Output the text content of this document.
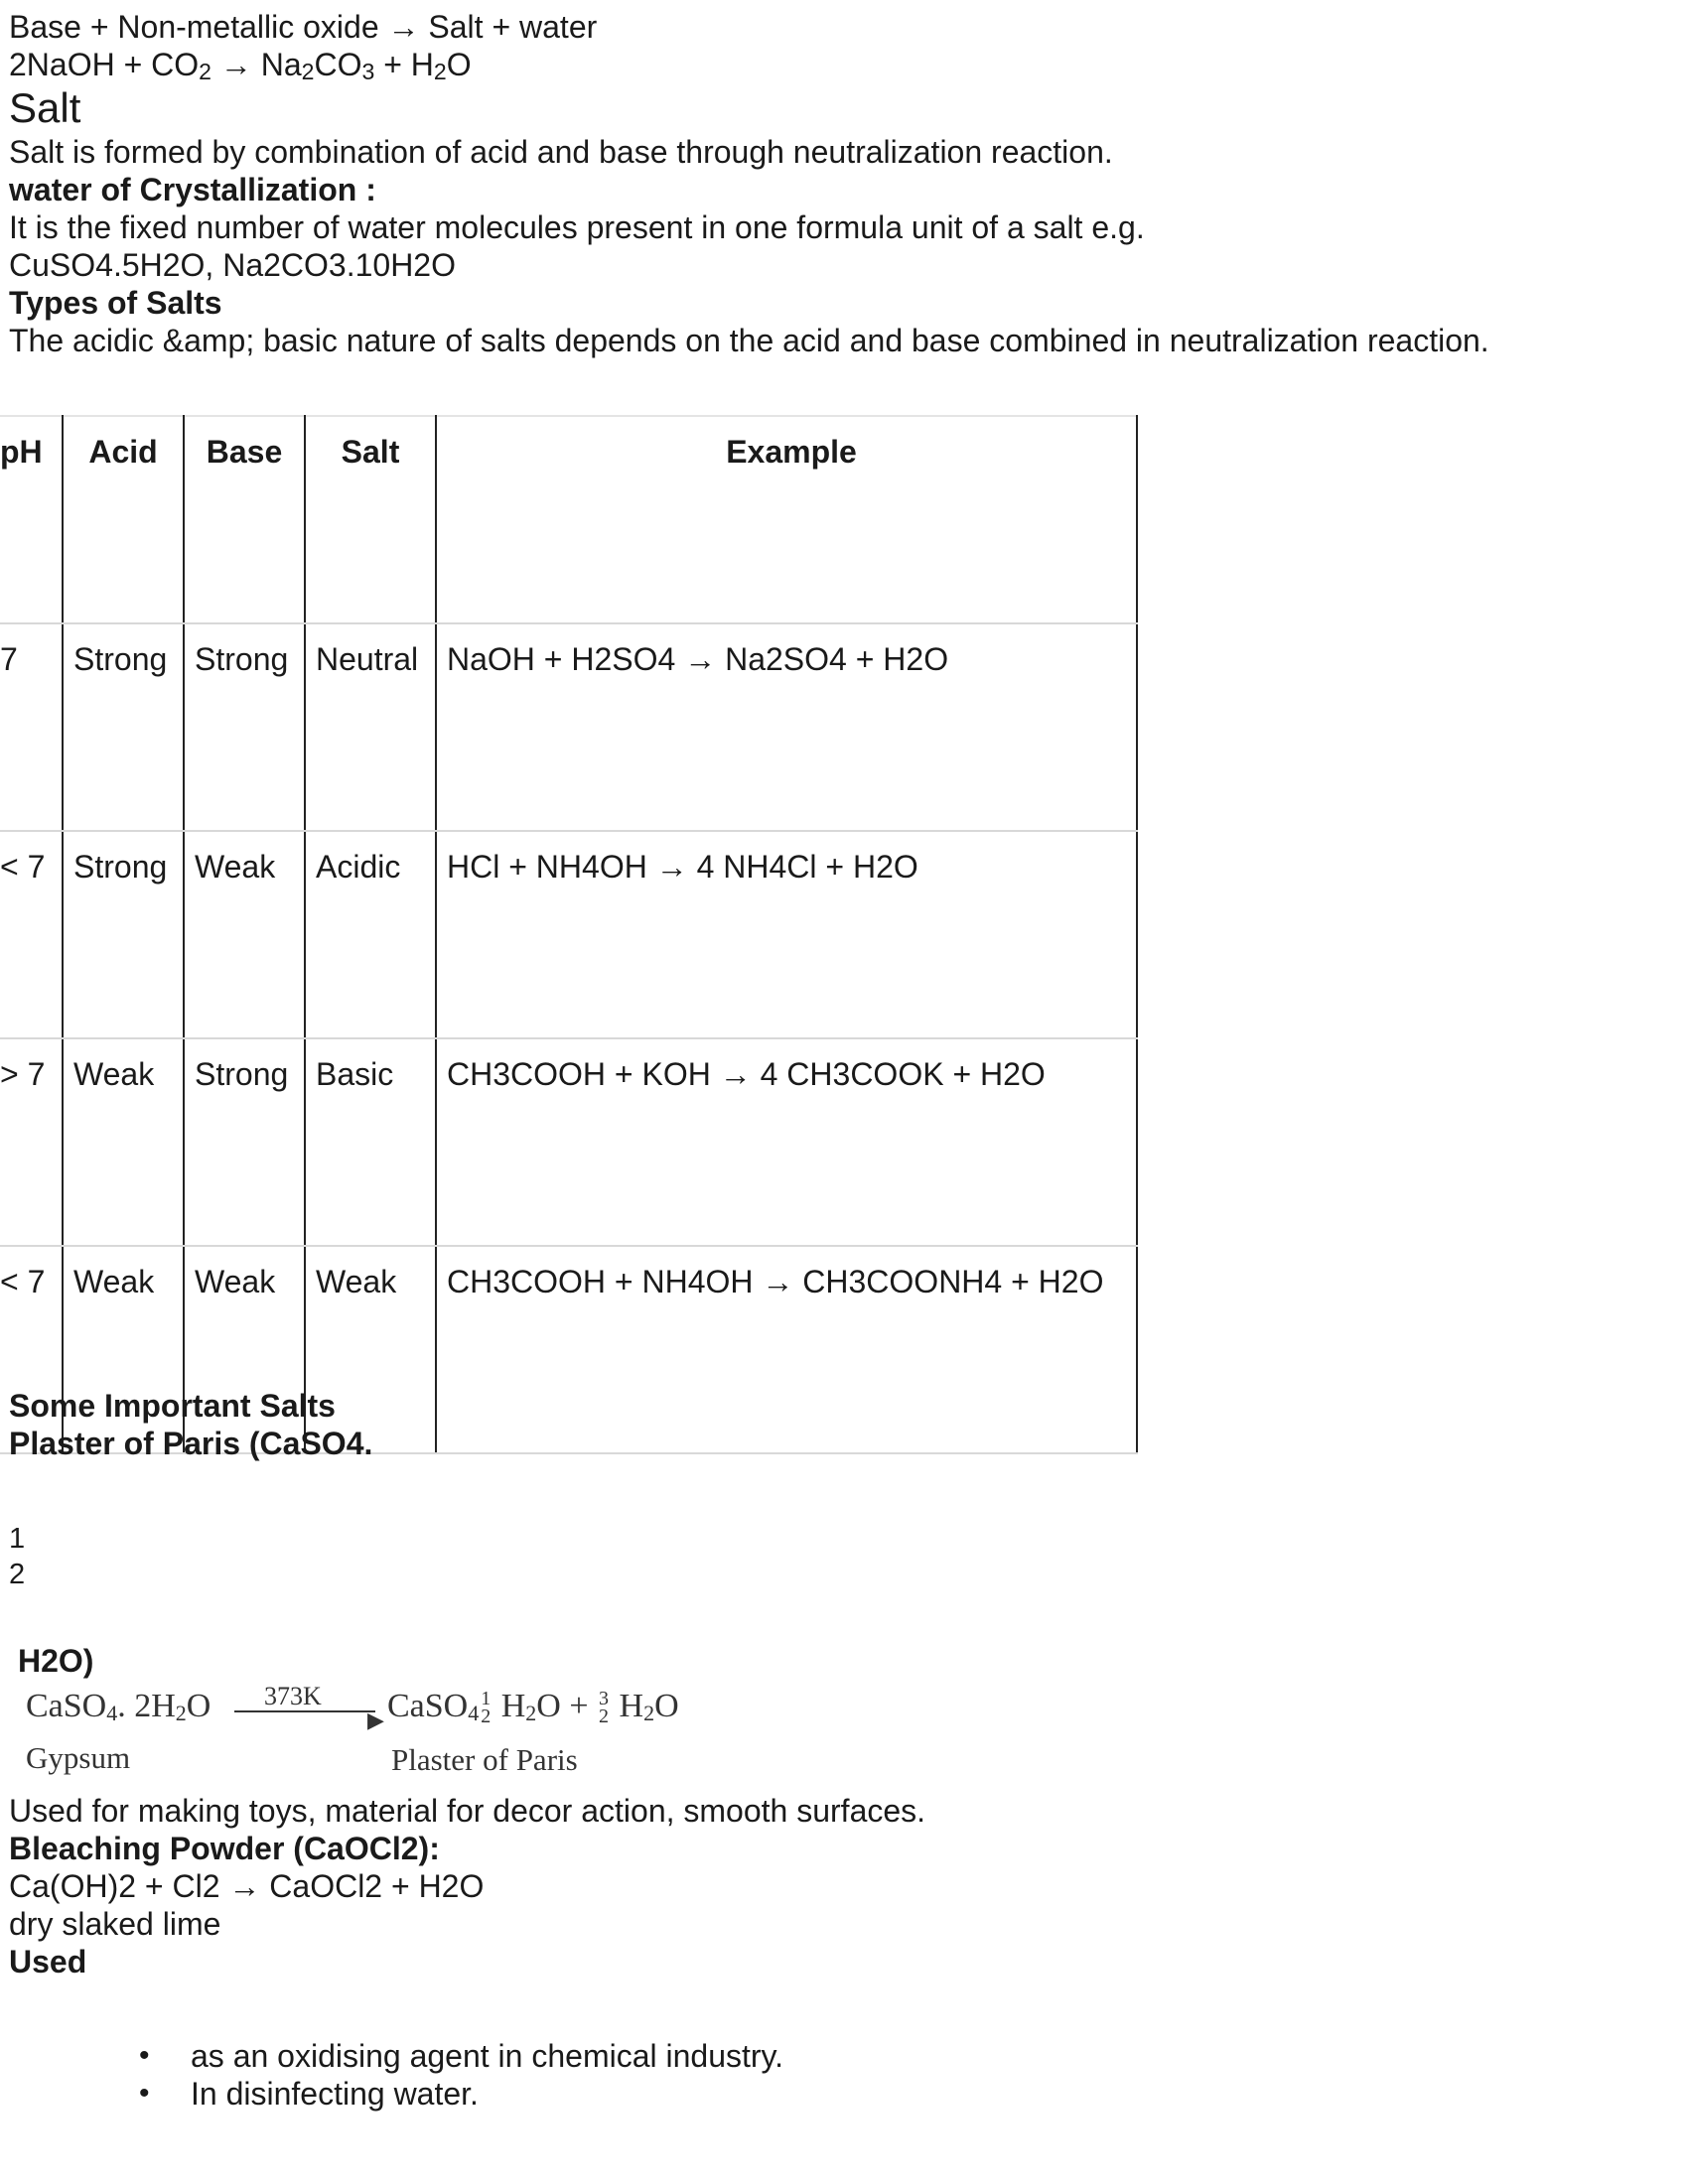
Base + Non-metallic oxide → Salt + water
2NaOH + $CO_2 \to Na_2CO_3 + H_2O$
Salt
Salt is formed by combination of acid and base through neutralization reaction.
water of Crystallization :
It is the fixed number of water molecules present in one formula unit of a salt e.g.
CuSO4.5H2O, Na2CO3.10H2O
Types of Salts
The acidic &amp; basic nature of salts depends on the acid and base combined in neutralization reaction.
pH	Acid	Base	Salt	Example
7	Strong	Strong	Neutral	NaOH + H2SO4 → Na2SO4 + H2O
< 7	Strong	Weak	Acidic	HCl + NH4OH → 4 NH4Cl + H2O
> 7	Weak	Strong	Basic	CH3COOH + KOH → 4 CH3COOK + H2O
< 7	Weak	Weak	Weak	CH3COOH + NH4OH → CH3COONH4 + H2O
Some Important Salts
Plaster of Paris (CaSO4.
1
2
H2O)
CaSO$_4$. $2H_2O$ 373K
▶ CaSO$_4$1
2 $H_2O + 3$
2 $H_2O$
Gypsum	Plaster of Paris
Used for making toys, material for decor action, smooth surfaces.
Bleaching Powder (CaOCl2):
Ca(OH)2 + Cl2 → CaOCl2 + H2O
dry slaked lime
Used
• as an oxidising agent in chemical industry.
• In disinfecting water.
